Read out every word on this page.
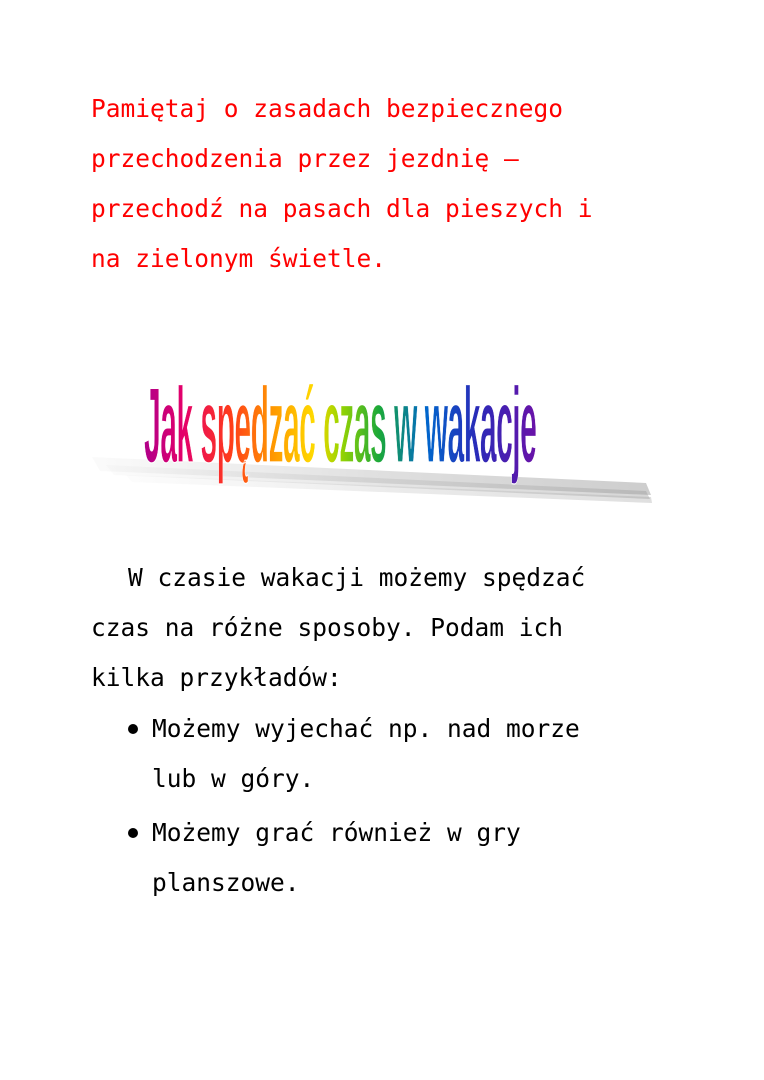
Pamiętaj o zasadach bezpiecznego
przechodzenia przez jezdnię –
przechodź na pasach dla pieszych i
na zielonym świetle.

Jak spędzać czas w wakacje

W czasie wakacji możemy spędzać
czas na różne sposoby. Podam ich
kilka przykładów:

Możemy wyjechać np. nad morze
lub w góry.
Możemy grać również w gry
planszowe.
